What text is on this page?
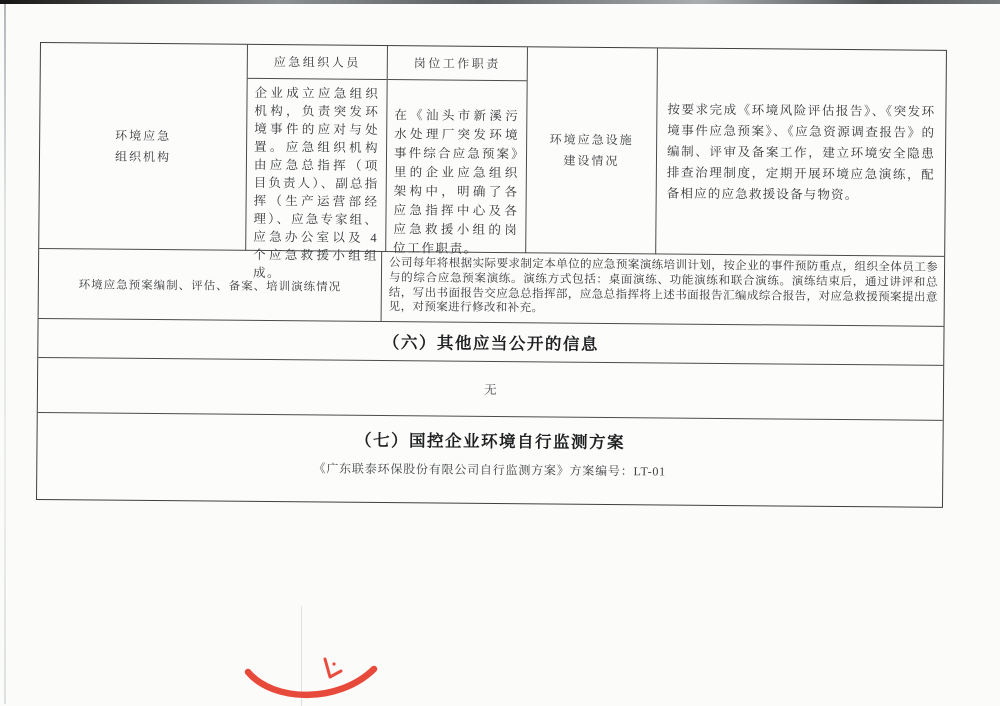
环境应急
组织机构
应急组织人员
企业成立应急组织机构，负责突发环境事件的应对与处置。应急组织机构由应急总指挥（项目负责人）、副总指挥（生产运营部经理）、应急专家组、应急办公室以及 4 个应急救援小组组成。
岗位工作职责
在《汕头市新溪污水处理厂突发环境事件综合应急预案》里的企业应急组织架构中，明确了各应急指挥中心及各应急救援小组的岗位工作职责。
环境应急设施
建设情况
按要求完成《环境风险评估报告》、《突发环境事件应急预案》、《应急资源调查报告》的编制、评审及备案工作，建立环境安全隐患排查治理制度，定期开展环境应急演练，配备相应的应急救援设备与物资。
环境应急预案编制、评估、备案、培训演练情况
公司每年将根据实际要求制定本单位的应急预案演练培训计划，按企业的事件预防重点，组织全体员工参与的综合应急预案演练。演练方式包括：桌面演练、功能演练和联合演练。演练结束后，通过讲评和总结，写出书面报告交应急总指挥部，应急总指挥将上述书面报告汇编成综合报告，对应急救援预案提出意见，对预案进行修改和补充。
（六）其他应当公开的信息
无
（七）国控企业环境自行监测方案
《广东联泰环保股份有限公司自行监测方案》方案编号：LT-01
